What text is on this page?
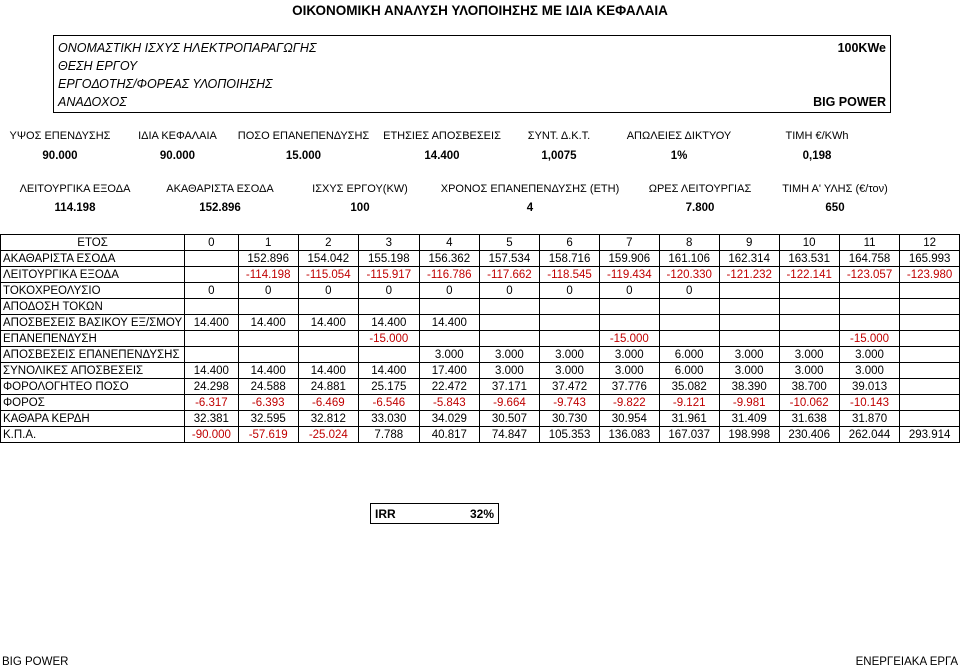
ΟΙΚΟΝΟΜΙΚΗ ΑΝΑΛΥΣΗ ΥΛΟΠΟΙΗΣΗΣ ΜΕ ΙΔΙΑ ΚΕΦΑΛΑΙΑ
ΟΝΟΜΑΣΤΙΚΗ ΙΣΧΥΣ ΗΛΕΚΤΡΟΠΑΡΑΓΩΓΗΣ	100KWe
ΘΕΣΗ ΕΡΓΟΥ
ΕΡΓΟΔΟΤΗΣ/ΦΟΡΕΑΣ ΥΛΟΠΟΙΗΣΗΣ
ΑΝΑΔΟΧΟΣ	BIG POWER
ΥΨΟΣ ΕΠΕΝΔΥΣΗΣ	ΙΔΙΑ ΚΕΦΑΛΑΙΑ	ΠΟΣΟ ΕΠΑΝΕΠΕΝΔΥΣΗΣ	ΕΤΗΣΙΕΣ ΑΠΟΣΒΕΣΕΙΣ	ΣΥΝΤ. Δ.Κ.Τ.	ΑΠΩΛΕΙΕΣ ΔΙΚΤΥΟΥ	ΤΙΜΗ €/KWh
90.000	90.000	15.000	14.400	1,0075	1%	0,198
ΛΕΙΤΟΥΡΓΙΚΑ ΕΞΟΔΑ	ΑΚΑΘΑΡΙΣΤΑ ΕΣΟΔΑ	ΙΣΧΥΣ ΕΡΓΟΥ(KW)	ΧΡΟΝΟΣ ΕΠΑΝΕΠΕΝΔΥΣΗΣ (ΕΤΗ)	ΩΡΕΣ ΛΕΙΤΟΥΡΓΙΑΣ	ΤΙΜΗ Α' ΥΛΗΣ (€/τον)
114.198	152.896	100	4	7.800	650
ΕΤΟΣ	0	1	2	3	4	5	6	7	8	9	10	11	12
ΑΚΑΘΑΡΙΣΤΑ ΕΣΟΔΑ		152.896	154.042	155.198	156.362	157.534	158.716	159.906	161.106	162.314	163.531	164.758	165.993
ΛΕΙΤΟΥΡΓΙΚΑ ΕΞΟΔΑ		-114.198	-115.054	-115.917	-116.786	-117.662	-118.545	-119.434	-120.330	-121.232	-122.141	-123.057	-123.980
ΤΟΚΟΧΡΕΟΛΥΣΙΟ	0	0	0	0	0	0	0	0	0				
ΑΠΟΔΟΣΗ ΤΟΚΩΝ													
ΑΠΟΣΒΕΣΕΙΣ ΒΑΣΙΚΟΥ ΕΞ/ΣΜΟΥ	14.400	14.400	14.400	14.400	14.400								
ΕΠΑΝΕΠΕΝΔΥΣΗ				-15.000				-15.000				-15.000	
ΑΠΟΣΒΕΣΕΙΣ ΕΠΑΝΕΠΕΝΔΥΣΗΣ					3.000	3.000	3.000	3.000	6.000	3.000	3.000	3.000	
ΣΥΝΟΛΙΚΕΣ ΑΠΟΣΒΕΣΕΙΣ	14.400	14.400	14.400	14.400	17.400	3.000	3.000	3.000	6.000	3.000	3.000	3.000	
ΦΟΡΟΛΟΓΗΤΕΟ ΠΟΣΟ	24.298	24.588	24.881	25.175	22.472	37.171	37.472	37.776	35.082	38.390	38.700	39.013	
ΦΟΡΟΣ	-6.317	-6.393	-6.469	-6.546	-5.843	-9.664	-9.743	-9.822	-9.121	-9.981	-10.062	-10.143	
ΚΑΘΑΡΑ ΚΕΡΔΗ	32.381	32.595	32.812	33.030	34.029	30.507	30.730	30.954	31.961	31.409	31.638	31.870	
Κ.Π.Α.	-90.000	-57.619	-25.024	7.788	40.817	74.847	105.353	136.083	167.037	198.998	230.406	262.044	293.914
IRR	32%
BIG POWER	ΕΝΕΡΓΕΙΑΚΑ ΕΡΓΑ
